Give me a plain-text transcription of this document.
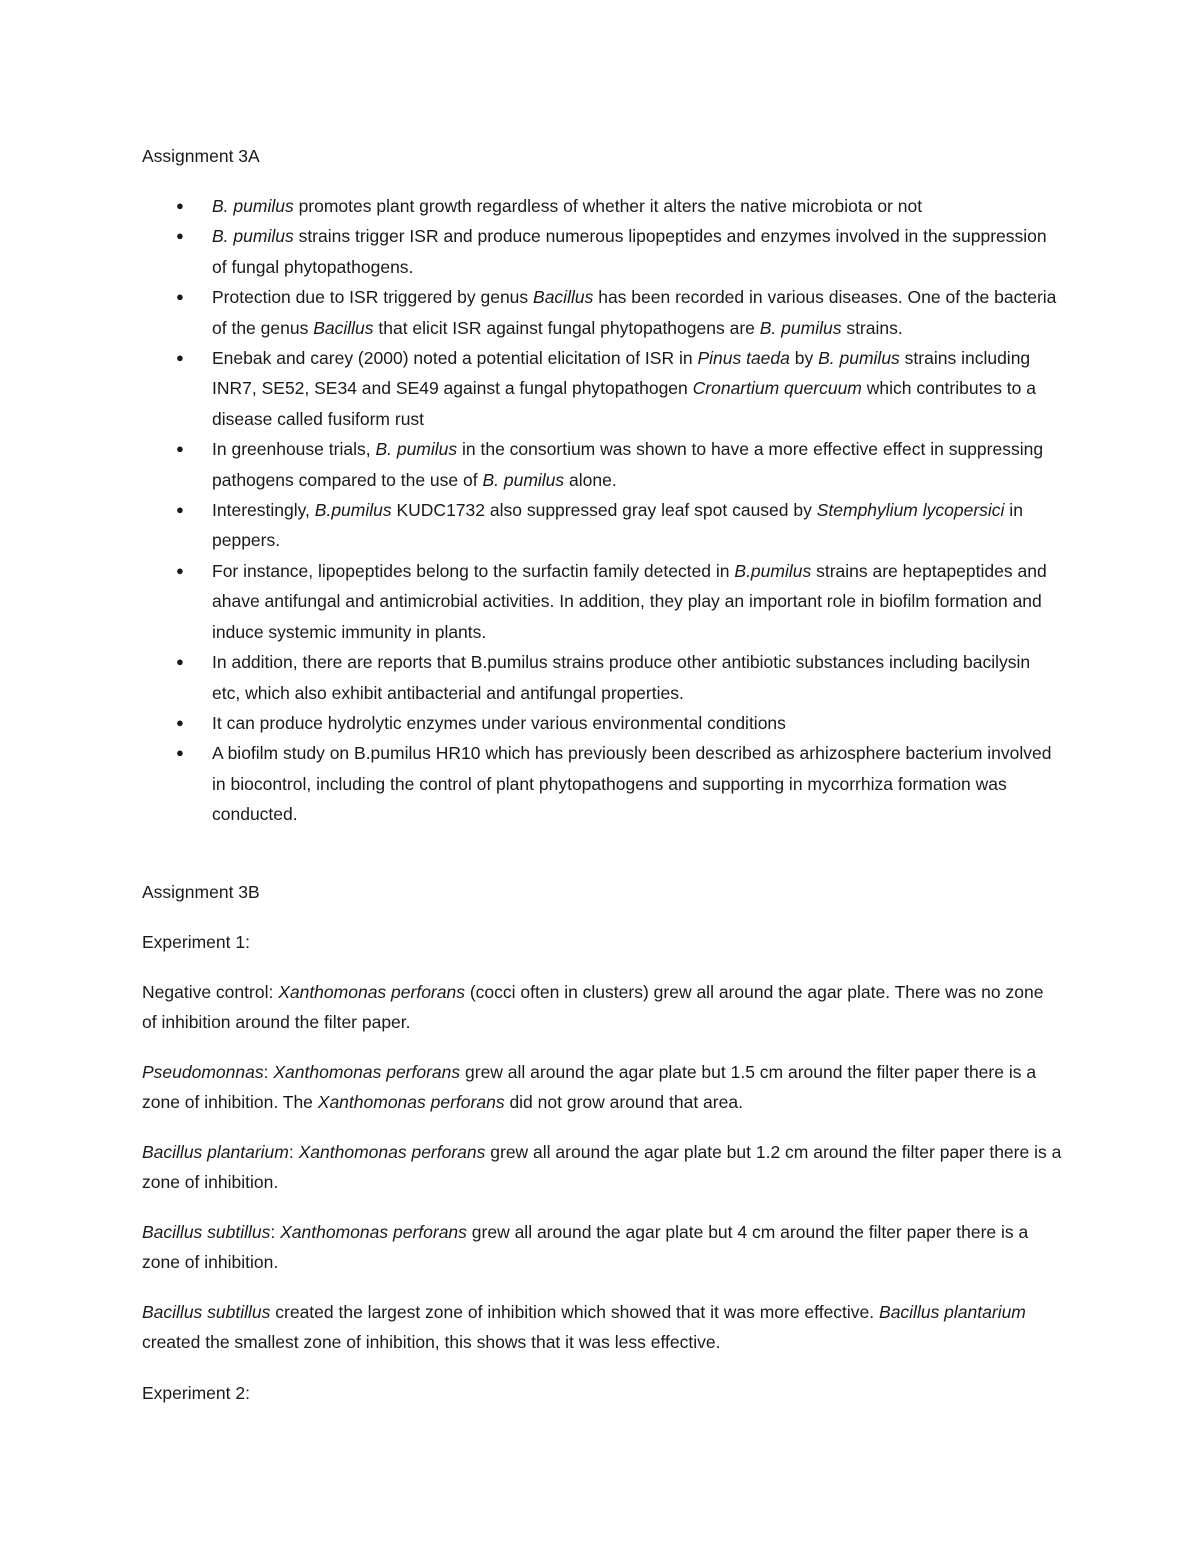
Assignment 3A

● B. pumilus promotes plant growth regardless of whether it alters the native microbiota or not
● B. pumilus strains trigger ISR and produce numerous lipopeptides and enzymes involved in the suppression of fungal phytopathogens.
● Protection due to ISR triggered by genus Bacillus has been recorded in various diseases. One of the bacteria of the genus Bacillus that elicit ISR against fungal phytopathogens are B. pumilus strains.
● Enebak and carey (2000) noted a potential elicitation of ISR in Pinus taeda by B. pumilus strains including INR7, SE52, SE34 and SE49 against a fungal phytopathogen Cronartium quercuum which contributes to a disease called fusiform rust
● In greenhouse trials, B. pumilus in the consortium was shown to have a more effective effect in suppressing pathogens compared to the use of B. pumilus alone.
● Interestingly, B.pumilus KUDC1732 also suppressed gray leaf spot caused by Stemphylium lycopersici in peppers.
● For instance, lipopeptides belong to the surfactin family detected in B.pumilus strains are heptapeptides and ahave antifungal and antimicrobial activities. In addition, they play an important role in biofilm formation and induce systemic immunity in plants.
● In addition, there are reports that B.pumilus strains produce other antibiotic substances including bacilysin etc, which also exhibit antibacterial and antifungal properties.
● It can produce hydrolytic enzymes under various environmental conditions
● A biofilm study on B.pumilus HR10 which has previously been described as arhizosphere bacterium involved in biocontrol, including the control of plant phytopathogens and supporting in mycorrhiza formation was conducted.

Assignment 3B

Experiment 1:

Negative control: Xanthomonas perforans (cocci often in clusters) grew all around the agar plate. There was no zone of inhibition around the filter paper.

Pseudomonnas: Xanthomonas perforans grew all around the agar plate but 1.5 cm around the filter paper there is a zone of inhibition. The Xanthomonas perforans did not grow around that area.

Bacillus plantarium: Xanthomonas perforans grew all around the agar plate but 1.2 cm around the filter paper there is a zone of inhibition.

Bacillus subtillus: Xanthomonas perforans grew all around the agar plate but 4 cm around the filter paper there is a zone of inhibition.

Bacillus subtillus created the largest zone of inhibition which showed that it was more effective. Bacillus plantarium created the smallest zone of inhibition, this shows that it was less effective.

Experiment 2:
